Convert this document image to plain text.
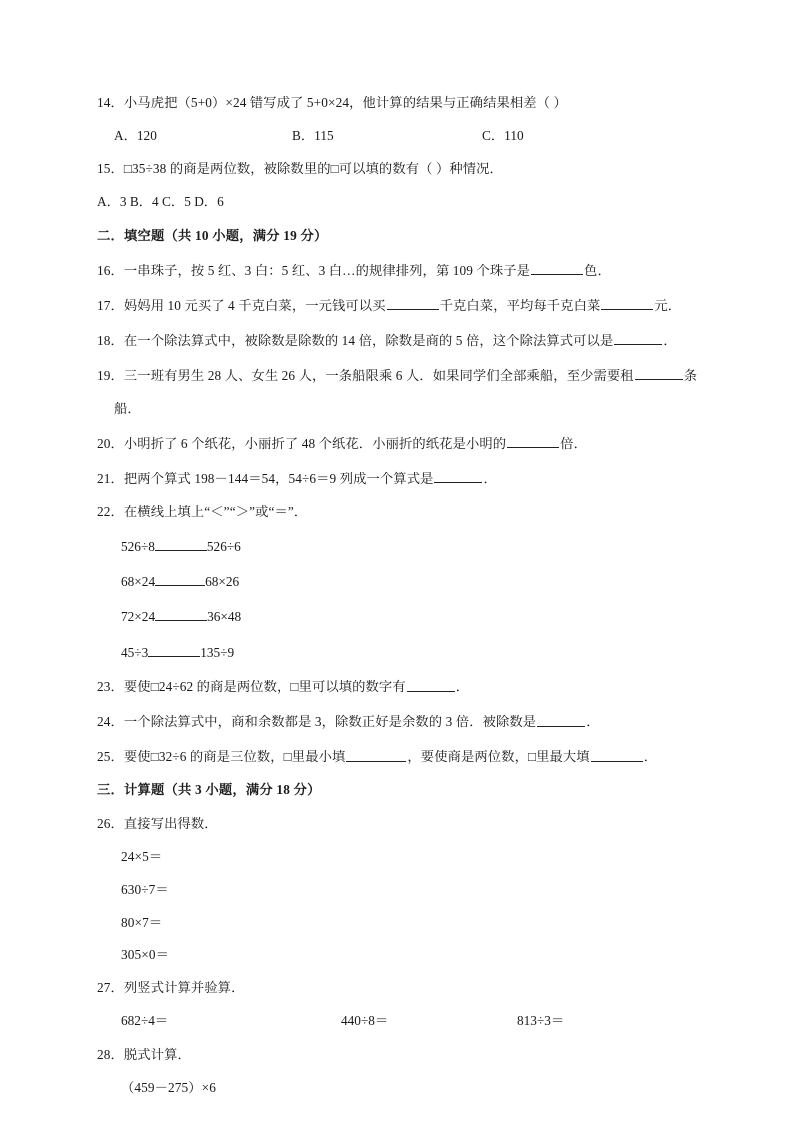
14．小马虎把（5+0）×24 错写成了 5+0×24，他计算的结果与正确结果相差（ ）
A．120	B．115	C．110
15．□35÷38 的商是两位数，被除数里的□可以填的数有（ ）种情况．
A．3 B．4 C．5 D．6
二．填空题（共 10 小题，满分 19 分）
16．一串珠子，按 5 红、3 白：5 红、3 白…的规律排列，第 109 个珠子是	色．
17．妈妈用 10 元买了 4 千克白菜，一元钱可以买	千克白菜，平均每千克白菜	元．
18．在一个除法算式中，被除数是除数的 14 倍，除数是商的 5 倍，这个除法算式可以是	．
19．三一班有男生 28 人、女生 26 人，一条船限乘 6 人．如果同学们全部乘船，至少需要租	条
船．
20．小明折了 6 个纸花，小丽折了 48 个纸花．小丽折的纸花是小明的	倍．
21．把两个算式 198－144＝54，54÷6＝9 列成一个算式是	．
22．在横线上填上“＜”“＞”或“＝”．
526÷8	526÷6
68×24	68×26
72×24	36×48
45÷3	135÷9
23．要使□24÷62 的商是两位数，□里可以填的数字有	．
24．一个除法算式中，商和余数都是 3，除数正好是余数的 3 倍．被除数是	．
25．要使□32÷6 的商是三位数，□里最小填	，要使商是两位数，□里最大填	．
三．计算题（共 3 小题，满分 18 分）
26．直接写出得数．
24×5＝
630÷7＝
80×7＝
305×0＝
27．列竖式计算并验算．
682÷4＝	440÷8＝	813÷3＝
28．脱式计算．
（459－275）×6
